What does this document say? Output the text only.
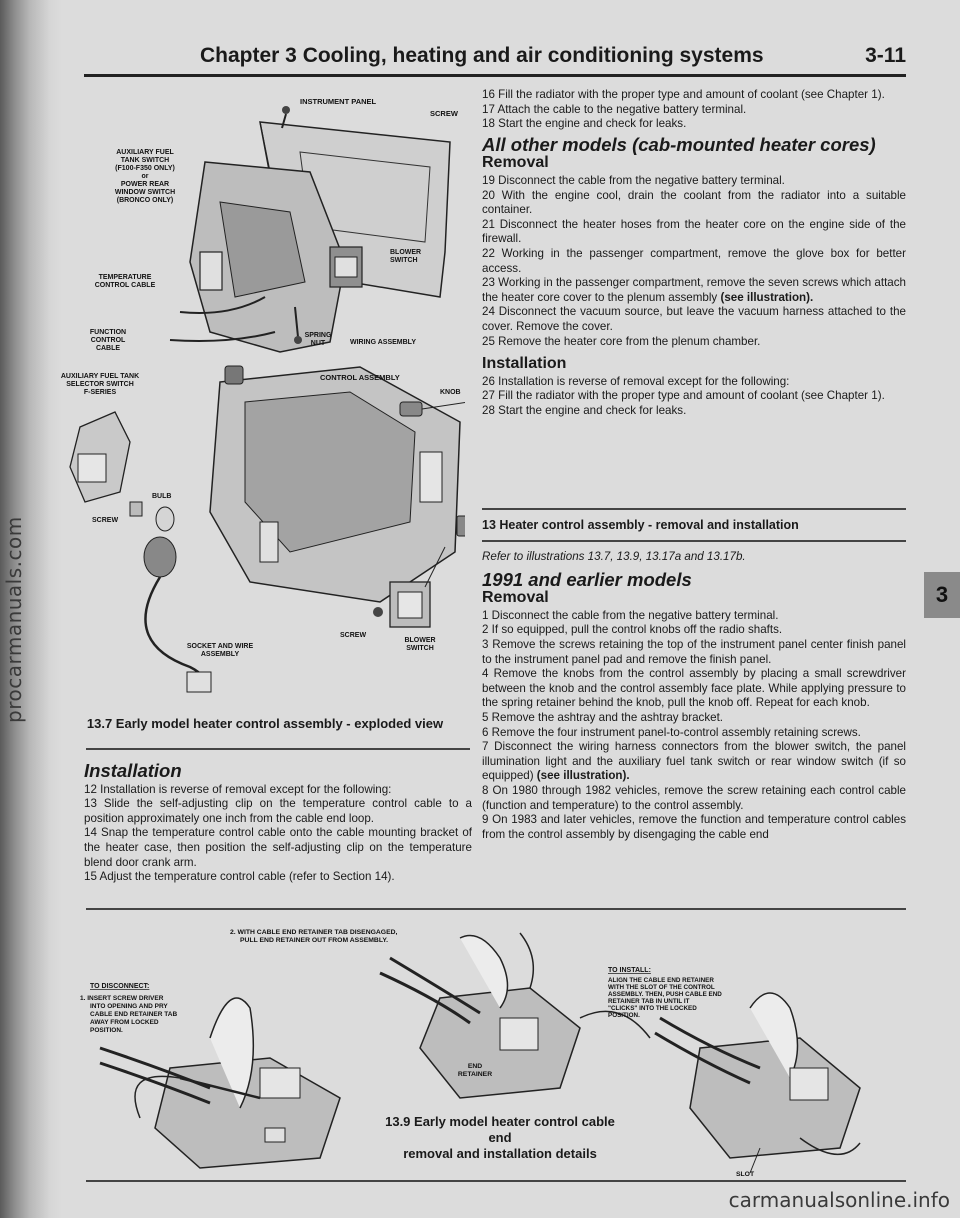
procarmanuals.com
Chapter 3 Cooling, heating and air conditioning systems	3-11
INSTRUMENT PANEL
SCREW
AUXILIARY FUEL
TANK SWITCH
(F100-F350 ONLY)
or
POWER REAR
WINDOW SWITCH
(BRONCO ONLY)
BLOWER
SWITCH
TEMPERATURE
CONTROL CABLE
FUNCTION
CONTROL
CABLE
SPRING
NUT	WIRING ASSEMBLY
AUXILIARY FUEL TANK
SELECTOR SWITCH
F-SERIES
CONTROL ASSEMBLY
KNOB
BULB
SCREW
SOCKET AND WIRE
ASSEMBLY
SCREW
BLOWER
SWITCH
13.7 Early model heater control assembly - exploded view
Installation

12 Installation is reverse of removal except for the following:

13 Slide the self-adjusting clip on the temperature control cable to a position approximately one inch from the cable end loop.

14 Snap the temperature control cable onto the cable mounting bracket of the heater case, then position the self-adjusting clip on the temperature blend door crank arm.

15 Adjust the temperature control cable (refer to Section 14).

16 Fill the radiator with the proper type and amount of coolant (see Chapter 1).

17 Attach the cable to the negative battery terminal.

18 Start the engine and check for leaks.

All other models (cab-mounted heater cores)
Removal

19 Disconnect the cable from the negative battery terminal.

20 With the engine cool, drain the coolant from the radiator into a suitable container.

21 Disconnect the heater hoses from the heater core on the engine side of the firewall.

22 Working in the passenger compartment, remove the glove box for better access.

23 Working in the passenger compartment, remove the seven screws which attach the heater core cover to the plenum assembly (see illustration).

24 Disconnect the vacuum source, but leave the vacuum harness attached to the cover. Remove the cover.

25 Remove the heater core from the plenum chamber.

Installation

26 Installation is reverse of removal except for the following:

27 Fill the radiator with the proper type and amount of coolant (see Chapter 1).

28 Start the engine and check for leaks.

13 Heater control assembly - removal and installation

Refer to illustrations 13.7, 13.9, 13.17a and 13.17b.

1991 and earlier models
Removal

1 Disconnect the cable from the negative battery terminal.

2 If so equipped, pull the control knobs off the radio shafts.

3 Remove the screws retaining the top of the instrument panel center finish panel to the instrument panel pad and remove the finish panel.

4 Remove the knobs from the control assembly by placing a small screwdriver between the knob and the control assembly face plate. While applying pressure to the spring retainer behind the knob, pull the knob off. Repeat for each knob.

5 Remove the ashtray and the ashtray bracket.

6 Remove the four instrument panel-to-control assembly retaining screws.

7 Disconnect the wiring harness connectors from the blower switch, the panel illumination light and the auxiliary fuel tank switch or rear window switch (if so equipped) (see illustration).

8 On 1980 through 1982 vehicles, remove the screw retaining each control cable (function and temperature) to the control assembly.

9 On 1983 and later vehicles, remove the function and temperature control cables from the control assembly by disengaging the cable end

3
2. WITH CABLE END RETAINER TAB DISENGAGED,
PULL END RETAINER OUT FROM ASSEMBLY.
TO DISCONNECT:
1. INSERT SCREW DRIVER
INTO OPENING AND PRY
CABLE END RETAINER TAB
AWAY FROM LOCKED
POSITION.
END
RETAINER
TO INSTALL:
ALIGN THE CABLE END RETAINER
WITH THE SLOT OF THE CONTROL
ASSEMBLY. THEN, PUSH CABLE END
RETAINER TAB IN UNTIL IT
"CLICKS" INTO THE LOCKED
POSITION.
SLOT
13.9 Early model heater control cable end
removal and installation details
carmanualsonline.info
